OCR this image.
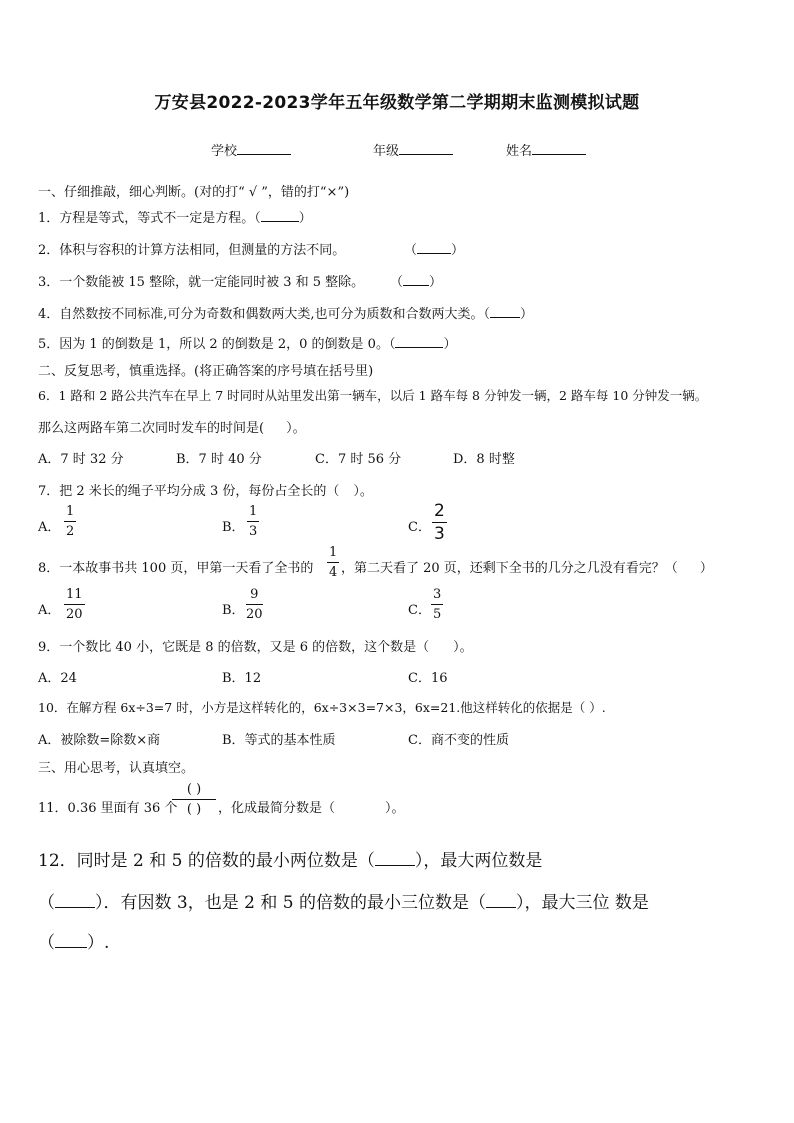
万安县2022-2023学年五年级数学第二学期期末监测模拟试题
学校	年级	姓名
一、仔细推敲，细心判断。(对的打“ √ ”，错的打“×”)
1．方程是等式，等式不一定是方程。（	）
2．体积与容积的计算方法相同，但测量的方法不同。	（	）
3．一个数能被 15 整除，就一定能同时被 3 和 5 整除。 （ ）
4．自然数按不同标准,可分为奇数和偶数两大类,也可分为质数和合数两大类。（ ）
5．因为 1 的倒数是 1，所以 2 的倒数是 2，0 的倒数是 0。（	）
二、反复思考，慎重选择。(将正确答案的序号填在括号里)
6．1 路和 2 路公共汽车在早上 7 时同时从站里发出第一辆车，以后 1 路车每 8 分钟发一辆，2 路车每 10 分钟发一辆。
那么这两路车第二次同时发车的时间是( ）。
A．7 时 32 分	B．7 时 40 分	C．7 时 56 分	D．8 时整
7．把 2 米长的绳子平均分成 3 份，每份占全长的（ ）。
A．
1
2	B．
1
3	C．
2
3
8．一本故事书共 100 页，甲第一天看了全书的
1
4 ，第二天看了 20 页，还剩下全书的几分之几没有看完？（ ）
A．
11
20	B．
9
20	C．
3
5
9．一个数比 40 小，它既是 8 的倍数，又是 6 的倍数，这个数是（ ）。
A．24	B．12	C．16
10．在解方程 6x÷3=7 时，小方是这样转化的，6x÷3×3=7×3，6x=21.他这样转化的依据是（ ）.
A．被除数=除数×商	B．等式的基本性质	C．商不变的性质
三、用心思考，认真填空。
11．0.36 里面有 36 个
( )
( ) ，化成最简分数是（	）。
12．同时是 2 和 5 的倍数的最小两位数是（ ），最大两位数是
（ ）．有因数 3，也是 2 和 5 的倍数的最小三位数是（ ），最大三位 数是
（ ）.
